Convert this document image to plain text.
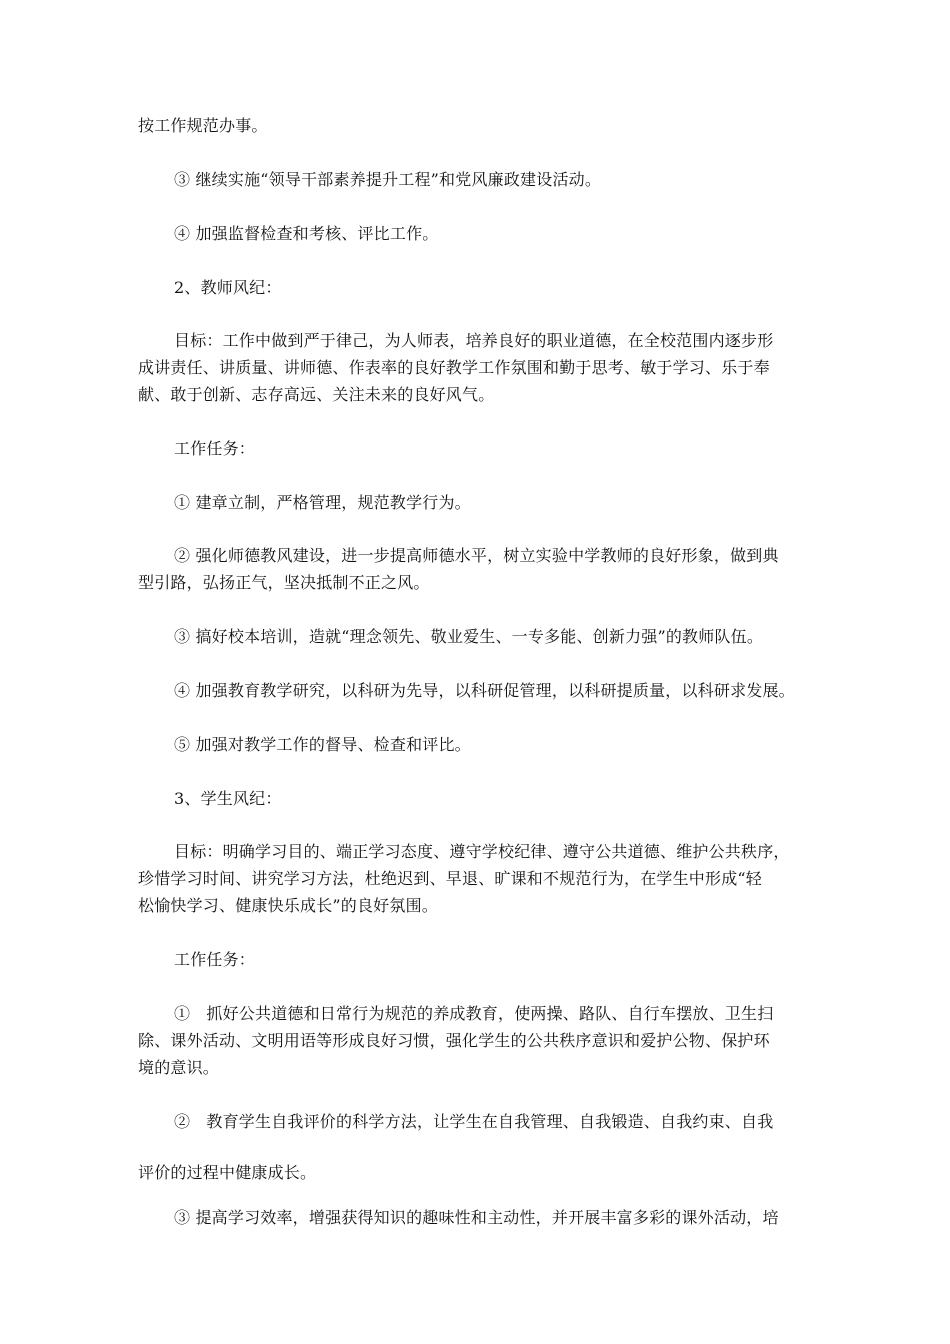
按工作规范办事。
③ 继续实施“领导干部素养提升工程”和党风廉政建设活动。
④ 加强监督检查和考核、评比工作。
2、教师风纪：
目标：工作中做到严于律己，为人师表，培养良好的职业道德，在全校范围内逐步形
成讲责任、讲质量、讲师德、作表率的良好教学工作氛围和勤于思考、敏于学习、乐于奉
献、敢于创新、志存高远、关注未来的良好风气。
工作任务：
① 建章立制，严格管理，规范教学行为。
② 强化师德教风建设，进一步提高师德水平，树立实验中学教师的良好形象，做到典
型引路，弘扬正气，坚决抵制不正之风。
③ 搞好校本培训，造就“理念领先、敬业爱生、一专多能、创新力强”的教师队伍。
④ 加强教育教学研究，以科研为先导，以科研促管理，以科研提质量，以科研求发展。
⑤ 加强对教学工作的督导、检查和评比。
3、学生风纪：
目标：明确学习目的、端正学习态度、遵守学校纪律、遵守公共道德、维护公共秩序，
珍惜学习时间、讲究学习方法，杜绝迟到、早退、旷课和不规范行为，在学生中形成“轻
松愉快学习、健康快乐成长”的良好氛围。
工作任务：
①　抓好公共道德和日常行为规范的养成教育，使两操、路队、自行车摆放、卫生扫
除、课外活动、文明用语等形成良好习惯，强化学生的公共秩序意识和爱护公物、保护环
境的意识。
②　教育学生自我评价的科学方法，让学生在自我管理、自我锻造、自我约束、自我
评价的过程中健康成长。
③ 提高学习效率，增强获得知识的趣味性和主动性，并开展丰富多彩的课外活动，培
